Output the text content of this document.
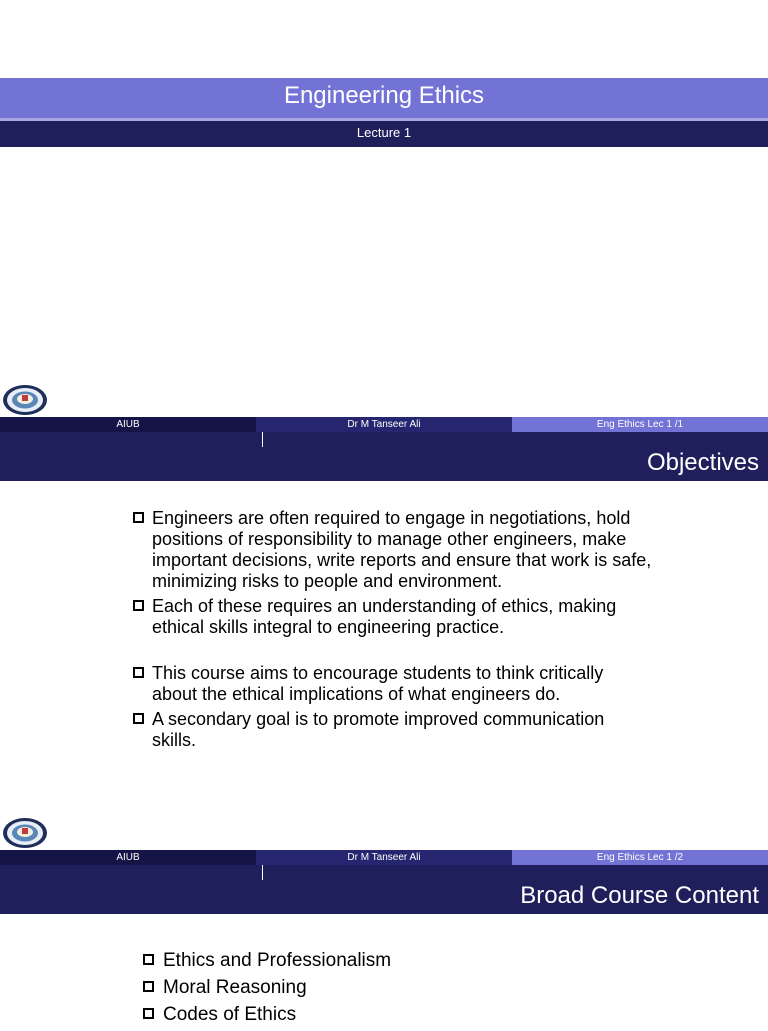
Engineering Ethics
Lecture 1
AIUB	Dr M Tanseer Ali	Eng Ethics Lec 1 /1
Objectives
Engineers are often required to engage in negotiations, hold positions of responsibility to manage other engineers, make important decisions, write reports and ensure that work is safe, minimizing risks to people and environment.
Each of these requires an understanding of ethics, making ethical skills integral to engineering practice.
This course aims to encourage students to think critically about the ethical implications of what engineers do.
A secondary goal is to promote improved communication skills.
AIUB	Dr M Tanseer Ali	Eng Ethics Lec 1 /2
Broad Course Content
Ethics and Professionalism
Moral Reasoning
Codes of Ethics
